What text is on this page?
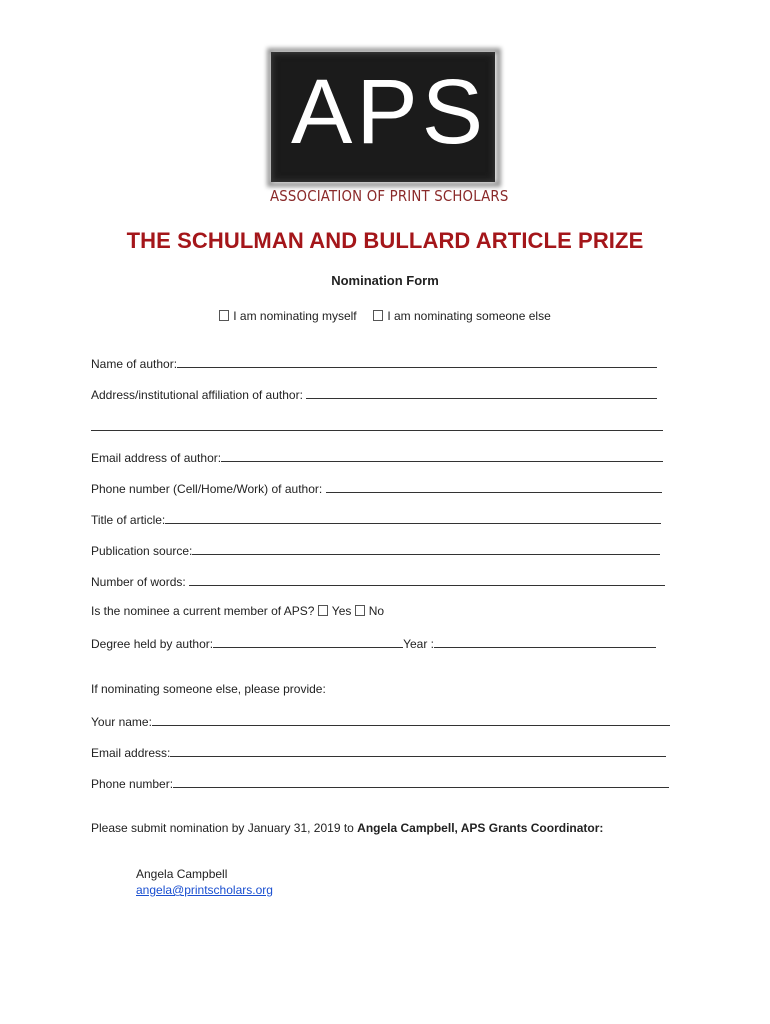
APS
ASSOCIATION OF PRINT SCHOLARS
THE SCHULMAN AND BULLARD ARTICLE PRIZE
Nomination Form
I am nominating myself	I am nominating someone else
Name of author:
Address/institutional affiliation of author:
Email address of author:
Phone number (Cell/Home/Work) of author:
Title of article:
Publication source:
Number of words:
Is the nominee a current member of APS?
	Yes
	No
Degree held by author:	Year :
If nominating someone else, please provide:
Your name:
Email address:
Phone number:
Please submit nomination by January 31, 2019 to Angela Campbell, APS Grants Coordinator:
Angela Campbell
angela@printscholars.org
